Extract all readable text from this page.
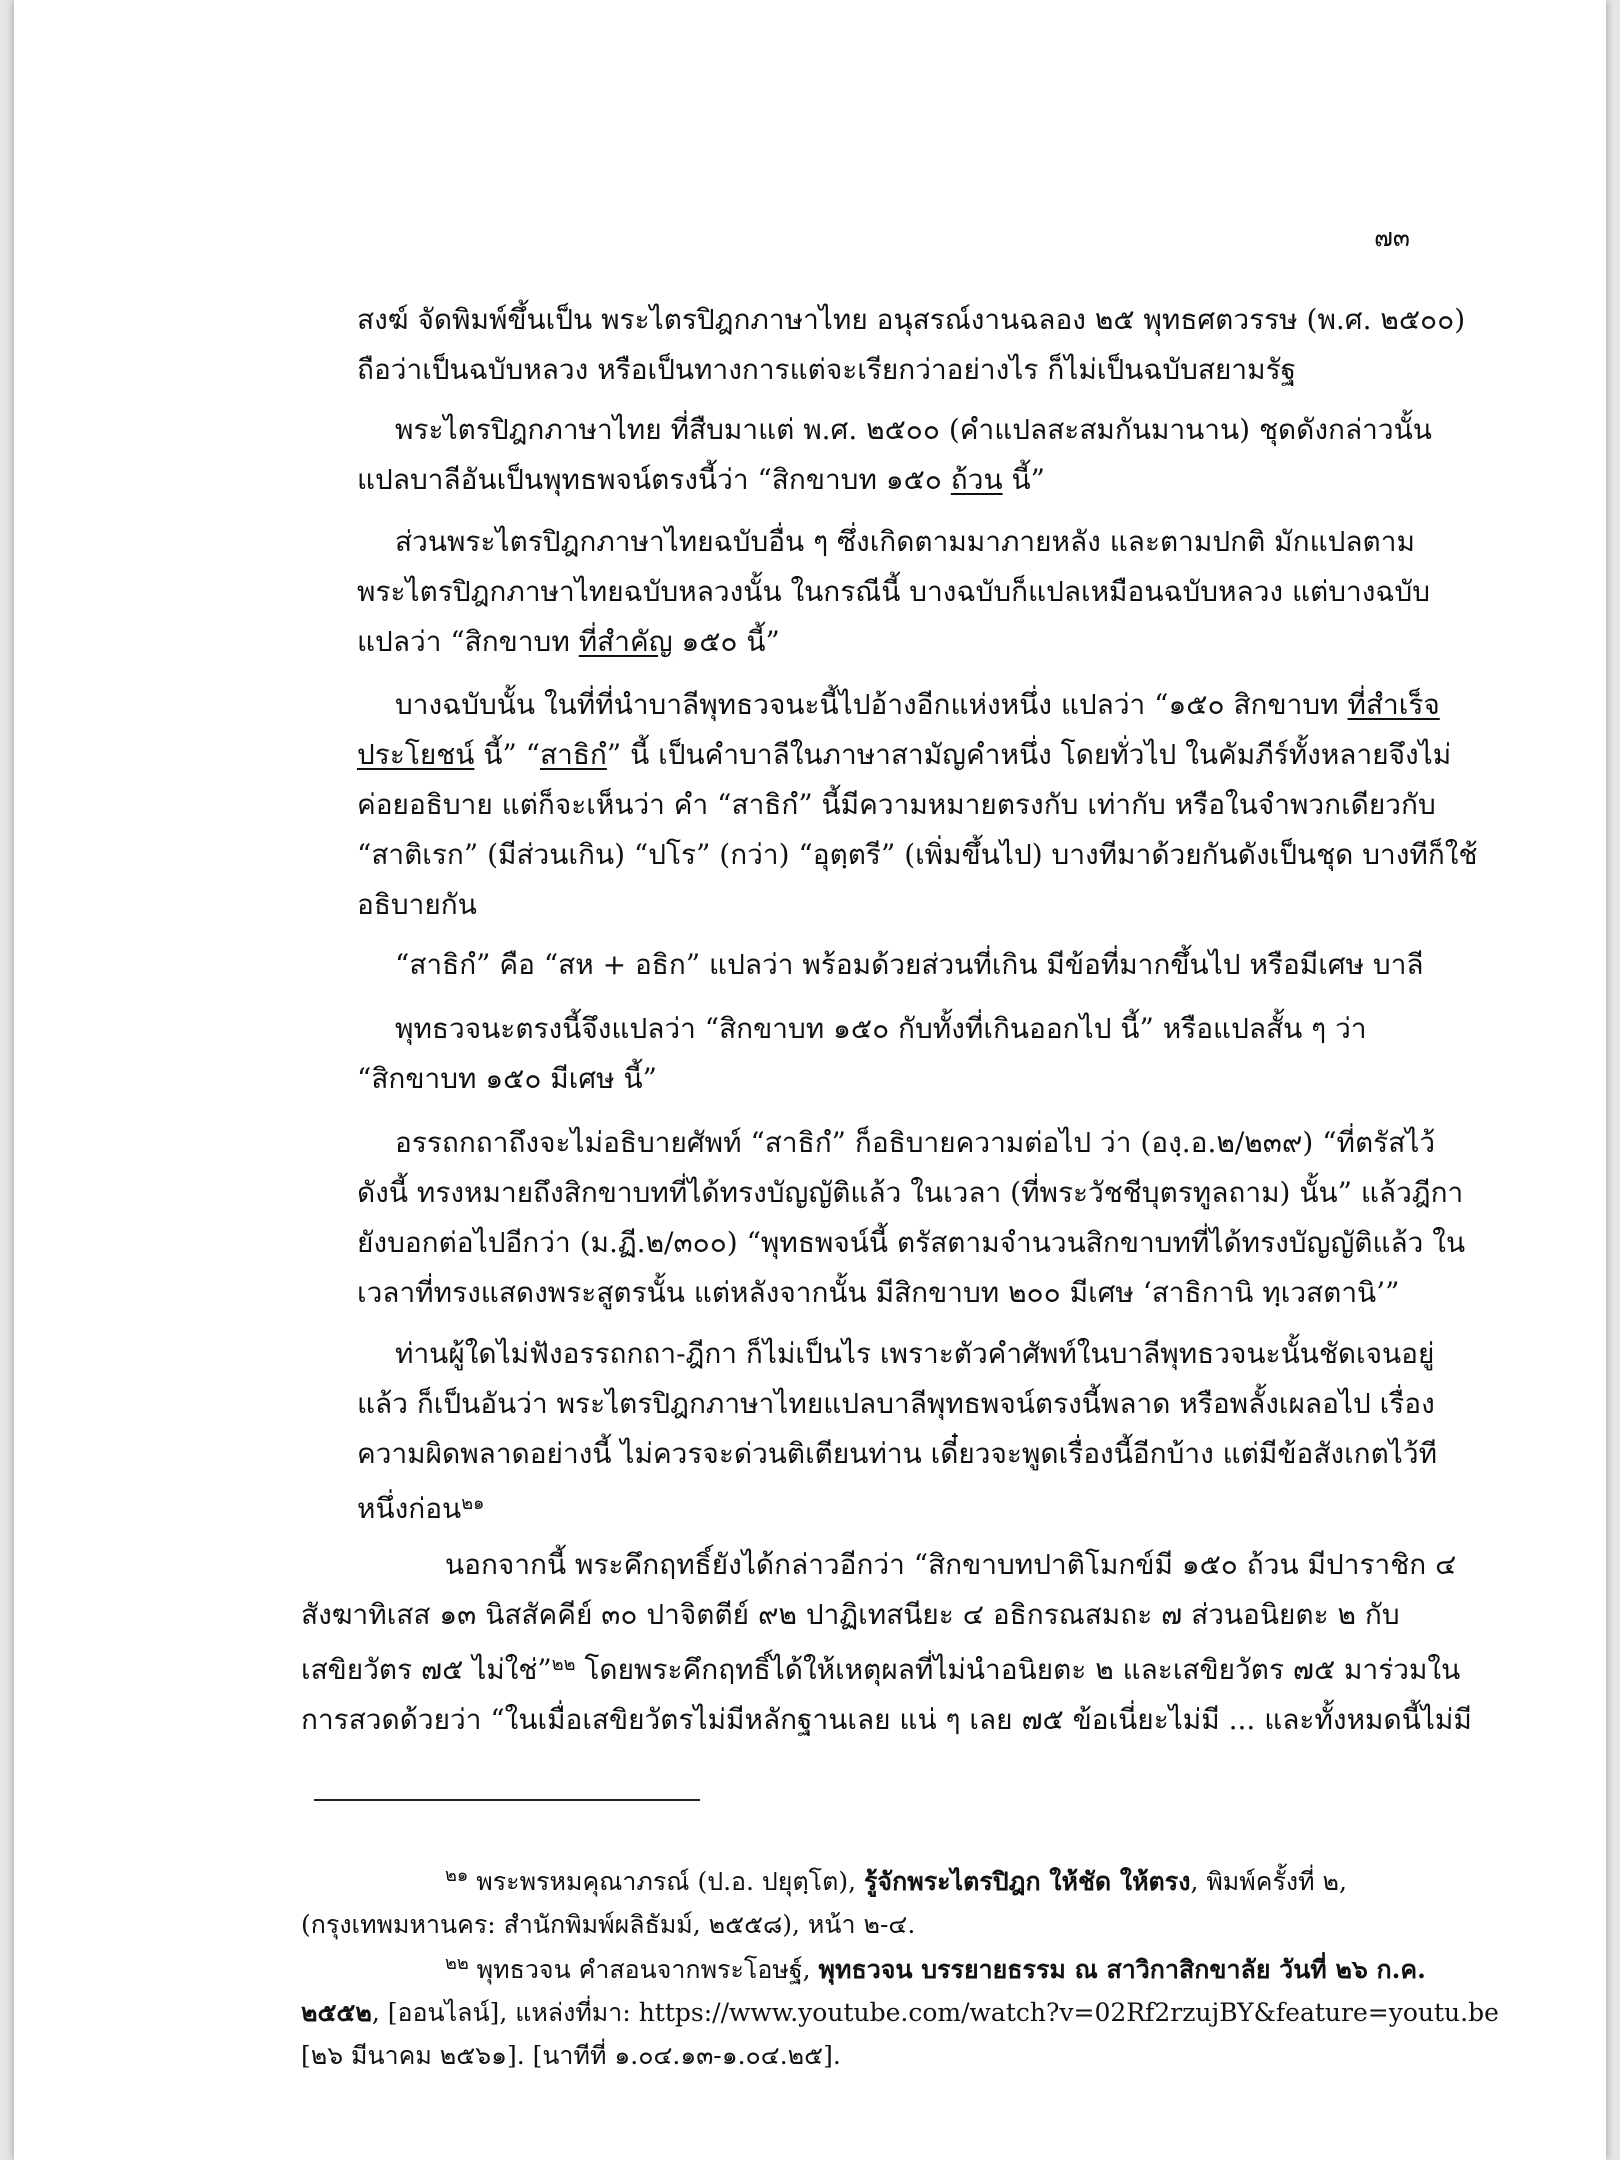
๗๓
สงฆ์ จัดพิมพ์ขึ้นเป็น พระไตรปิฎกภาษาไทย อนุสรณ์งานฉลอง ๒๕ พุทธศตวรรษ (พ.ศ. ๒๕๐๐)
ถือว่าเป็นฉบับหลวง หรือเป็นทางการแต่จะเรียกว่าอย่างไร ก็ไม่เป็นฉบับสยามรัฐ
พระไตรปิฎกภาษาไทย ที่สืบมาแต่ พ.ศ. ๒๕๐๐ (คำแปลสะสมกันมานาน) ชุดดังกล่าวนั้น
แปลบาลีอันเป็นพุทธพจน์ตรงนี้ว่า “สิกขาบท ๑๕๐ ถ้วน นี้”
ส่วนพระไตรปิฎกภาษาไทยฉบับอื่น ๆ ซึ่งเกิดตามมาภายหลัง และตามปกติ มักแปลตาม
พระไตรปิฎกภาษาไทยฉบับหลวงนั้น ในกรณีนี้ บางฉบับก็แปลเหมือนฉบับหลวง แต่บางฉบับ
แปลว่า “สิกขาบท ที่สำคัญ ๑๕๐ นี้”
บางฉบับนั้น ในที่ที่นำบาลีพุทธวจนะนี้ไปอ้างอีกแห่งหนึ่ง แปลว่า “๑๕๐ สิกขาบท ที่สำเร็จ
ประโยชน์ นี้” “สาธิกํ” นี้ เป็นคำบาลีในภาษาสามัญคำหนึ่ง โดยทั่วไป ในคัมภีร์ทั้งหลายจึงไม่
ค่อยอธิบาย แต่ก็จะเห็นว่า คำ “สาธิกํ” นี้มีความหมายตรงกับ เท่ากับ หรือในจำพวกเดียวกับ
“สาติเรก” (มีส่วนเกิน) “ปโร” (กว่า) “อุตฺตรี” (เพิ่มขึ้นไป) บางทีมาด้วยกันดังเป็นชุด บางทีก็ใช้
อธิบายกัน
“สาธิกํ” คือ “สห + อธิก” แปลว่า พร้อมด้วยส่วนที่เกิน มีข้อที่มากขึ้นไป หรือมีเศษ บาลี
พุทธวจนะตรงนี้จึงแปลว่า “สิกขาบท ๑๕๐ กับทั้งที่เกินออกไป นี้” หรือแปลสั้น ๆ ว่า
“สิกขาบท ๑๕๐ มีเศษ นี้”
อรรถกถาถึงจะไม่อธิบายศัพท์ “สาธิกํ” ก็อธิบายความต่อไป ว่า (องฺ.อ.๒/๒๓๙) “ที่ตรัสไว้
ดังนี้ ทรงหมายถึงสิกขาบทที่ได้ทรงบัญญัติแล้ว ในเวลา (ที่พระวัชชีบุตรทูลถาม) นั้น” แล้วฎีกา
ยังบอกต่อไปอีกว่า (ม.ฏี.๒/๓๐๐) “พุทธพจน์นี้ ตรัสตามจำนวนสิกขาบทที่ได้ทรงบัญญัติแล้ว ใน
เวลาที่ทรงแสดงพระสูตรนั้น แต่หลังจากนั้น มีสิกขาบท ๒๐๐ มีเศษ ‘สาธิกานิ ทฺเวสตานิ’”
ท่านผู้ใดไม่ฟังอรรถกถา-ฎีกา ก็ไม่เป็นไร เพราะตัวคำศัพท์ในบาลีพุทธวจนะนั้นชัดเจนอยู่
แล้ว ก็เป็นอันว่า พระไตรปิฎกภาษาไทยแปลบาลีพุทธพจน์ตรงนี้พลาด หรือพลั้งเผลอไป เรื่อง
ความผิดพลาดอย่างนี้ ไม่ควรจะด่วนติเตียนท่าน เดี๋ยวจะพูดเรื่องนี้อีกบ้าง แต่มีข้อสังเกตไว้ที
หนึ่งก่อน$^{๒๑}$
นอกจากนี้ พระคึกฤทธิ์ยังได้กล่าวอีกว่า “สิกขาบทปาติโมกข์มี ๑๕๐ ถ้วน มีปาราชิก ๔
สังฆาทิเสส ๑๓ นิสสัคคีย์ ๓๐ ปาจิตตีย์ ๙๒ ปาฏิเทสนียะ ๔ อธิกรณสมถะ ๗ ส่วนอนิยตะ ๒ กับ
เสขิยวัตร ๗๕ ไม่ใช่”$^{๒๒}$ โดยพระคึกฤทธิ์ได้ให้เหตุผลที่ไม่นำอนิยตะ ๒ และเสขิยวัตร ๗๕ มาร่วมใน
การสวดด้วยว่า “ในเมื่อเสขิยวัตรไม่มีหลักฐานเลย แน่ ๆ เลย ๗๕ ข้อเนี่ยะไม่มี ... และทั้งหมดนี้ไม่มี
$^{๒๑}$ พระพรหมคุณาภรณ์ (ป.อ. ปยุตฺโต), รู้จักพระไตรปิฎก ให้ชัด ให้ตรง, พิมพ์ครั้งที่ ๒,
(กรุงเทพมหานคร: สำนักพิมพ์ผลิธัมม์, ๒๕๕๘), หน้า ๒-๔.
$^{๒๒}$ พุทธวจน คำสอนจากพระโอษฐ์, พุทธวจน บรรยายธรรม ณ สาวิกาสิกขาลัย วันที่ ๒๖ ก.ค.
๒๕๕๒, [ออนไลน์], แหล่งที่มา: https://www.youtube.com/watch?v=02Rf2rzujBY&feature=youtu.be
[๒๖ มีนาคม ๒๕๖๑]. [นาทีที่ ๑.๐๔.๑๓-๑.๐๔.๒๕].
